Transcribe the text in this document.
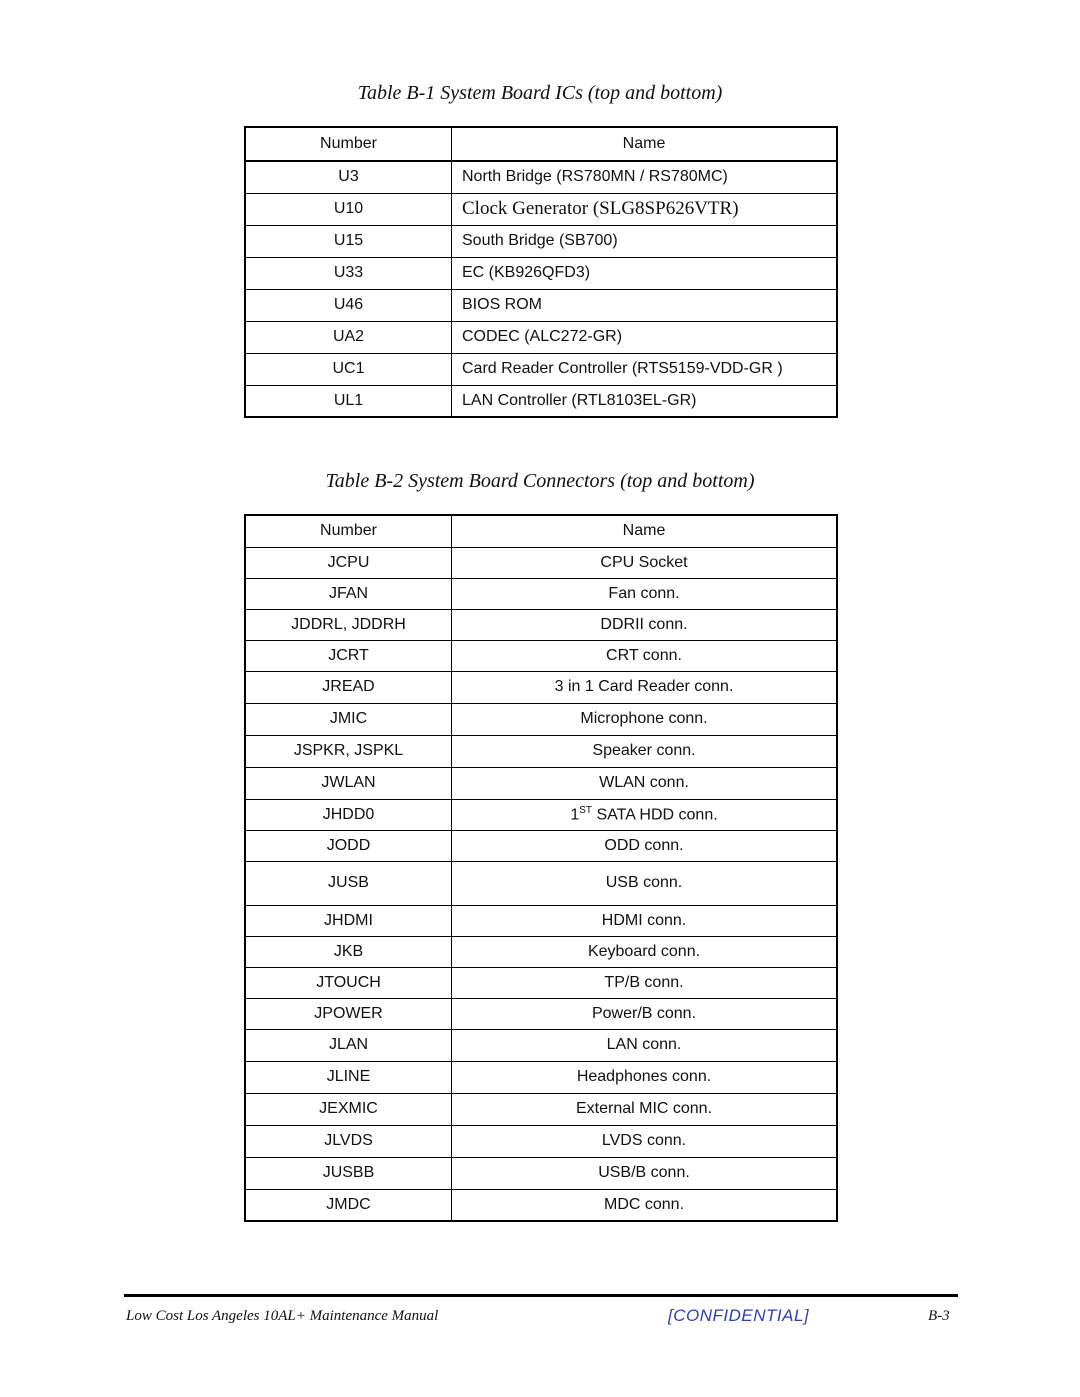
Table B-1 System Board ICs (top and bottom)
Number	Name
U3	North Bridge (RS780MN / RS780MC)
U10	Clock Generator (SLG8SP626VTR)
U15	South Bridge (SB700)
U33	EC (KB926QFD3)
U46	BIOS ROM
UA2	CODEC (ALC272-GR)
UC1	Card Reader Controller (RTS5159-VDD-GR )
UL1	LAN Controller (RTL8103EL-GR)
Table B-2 System Board Connectors (top and bottom)
Number	Name
JCPU	CPU Socket
JFAN	Fan conn.
JDDRL, JDDRH	DDRII conn.
JCRT	CRT conn.
JREAD	3 in 1 Card Reader conn.
JMIC	Microphone conn.
JSPKR, JSPKL	Speaker conn.
JWLAN	WLAN conn.
JHDD0	1ST SATA HDD conn.
JODD	ODD conn.
JUSB	USB conn.
JHDMI	HDMI conn.
JKB	Keyboard conn.
JTOUCH	TP/B conn.
JPOWER	Power/B conn.
JLAN	LAN conn.
JLINE	Headphones conn.
JEXMIC	External MIC conn.
JLVDS	LVDS conn.
JUSBB	USB/B conn.
JMDC	MDC conn.
Low Cost Los Angeles 10AL+ Maintenance Manual	[CONFIDENTIAL]	B-3
